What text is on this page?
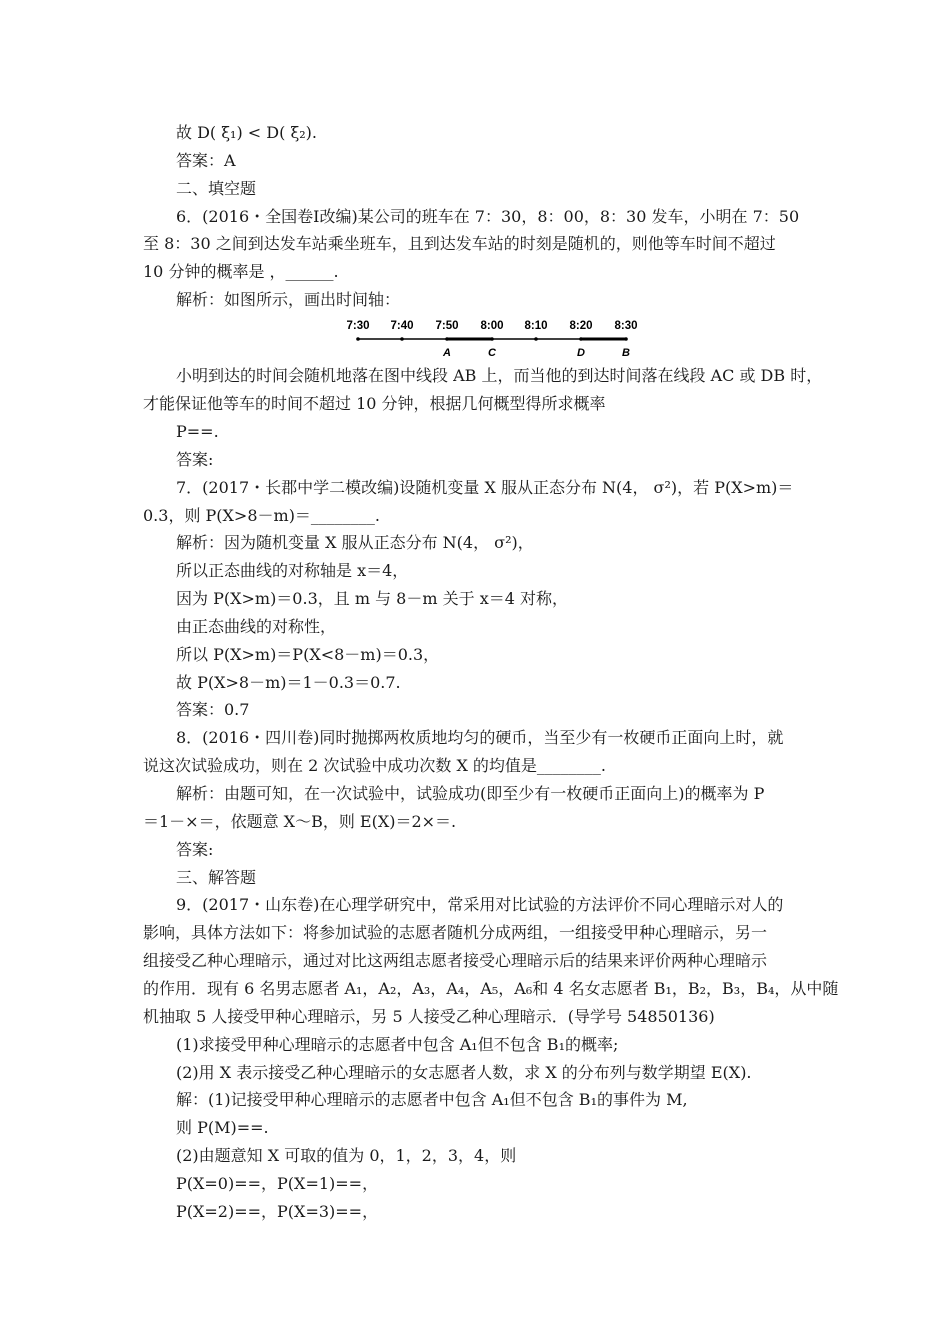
故 D( ξ₁) < D( ξ₂).
答案：A
二、填空题
6．(2016・全国卷Ⅰ改编)某公司的班车在 7：30，8：00，8：30 发车，小明在 7：50
至 8：30 之间到达发车站乘坐班车，且到达发车站的时刻是随机的，则他等车时间不超过
10 分钟的概率是 ，______.
解析：如图所示，画出时间轴：
7:30 7:40 7:50 8:00 8:10 8:20 8:30
A	C	D	B
小明到达的时间会随机地落在图中线段 AB 上，而当他的到达时间落在线段 AC 或 DB 时，
才能保证他等车的时间不超过 10 分钟，根据几何概型得所求概率
P==.
答案:
7．(2017・长郡中学二模改编)设随机变量 X 服从正态分布 N(4， σ²)，若 P(X>m)＝
0.3，则 P(X>8－m)＝________.
解析：因为随机变量 X 服从正态分布 N(4， σ²)，
所以正态曲线的对称轴是 x＝4，
因为 P(X>m)＝0.3，且 m 与 8－m 关于 x＝4 对称，
由正态曲线的对称性，
所以 P(X>m)＝P(X<8－m)＝0.3，
故 P(X>8－m)＝1－0.3＝0.7.
答案：0.7
8．(2016・四川卷)同时抛掷两枚质地均匀的硬币，当至少有一枚硬币正面向上时，就
说这次试验成功，则在 2 次试验中成功次数 X 的均值是________.
解析：由题可知，在一次试验中，试验成功(即至少有一枚硬币正面向上)的概率为 P
＝1－×＝，依题意 X～B，则 E(X)＝2×＝.
答案:
三、解答题
9．(2017・山东卷)在心理学研究中，常采用对比试验的方法评价不同心理暗示对人的
影响，具体方法如下：将参加试验的志愿者随机分成两组，一组接受甲种心理暗示，另一
组接受乙种心理暗示，通过对比这两组志愿者接受心理暗示后的结果来评价两种心理暗示
的作用．现有 6 名男志愿者 A₁，A₂，A₃，A₄，A₅，A₆和 4 名女志愿者 B₁，B₂，B₃，B₄，从中随
机抽取 5 人接受甲种心理暗示，另 5 人接受乙种心理暗示．(导学号 54850136)
(1)求接受甲种心理暗示的志愿者中包含 A₁但不包含 B₁的概率;
(2)用 X 表示接受乙种心理暗示的女志愿者人数，求 X 的分布列与数学期望 E(X).
解：(1)记接受甲种心理暗示的志愿者中包含 A₁但不包含 B₁的事件为 M,
则 P(M)==.
(2)由题意知 X 可取的值为 0，1，2，3，4，则
P(X=0)==，P(X=1)==，
P(X=2)==，P(X=3)==，
